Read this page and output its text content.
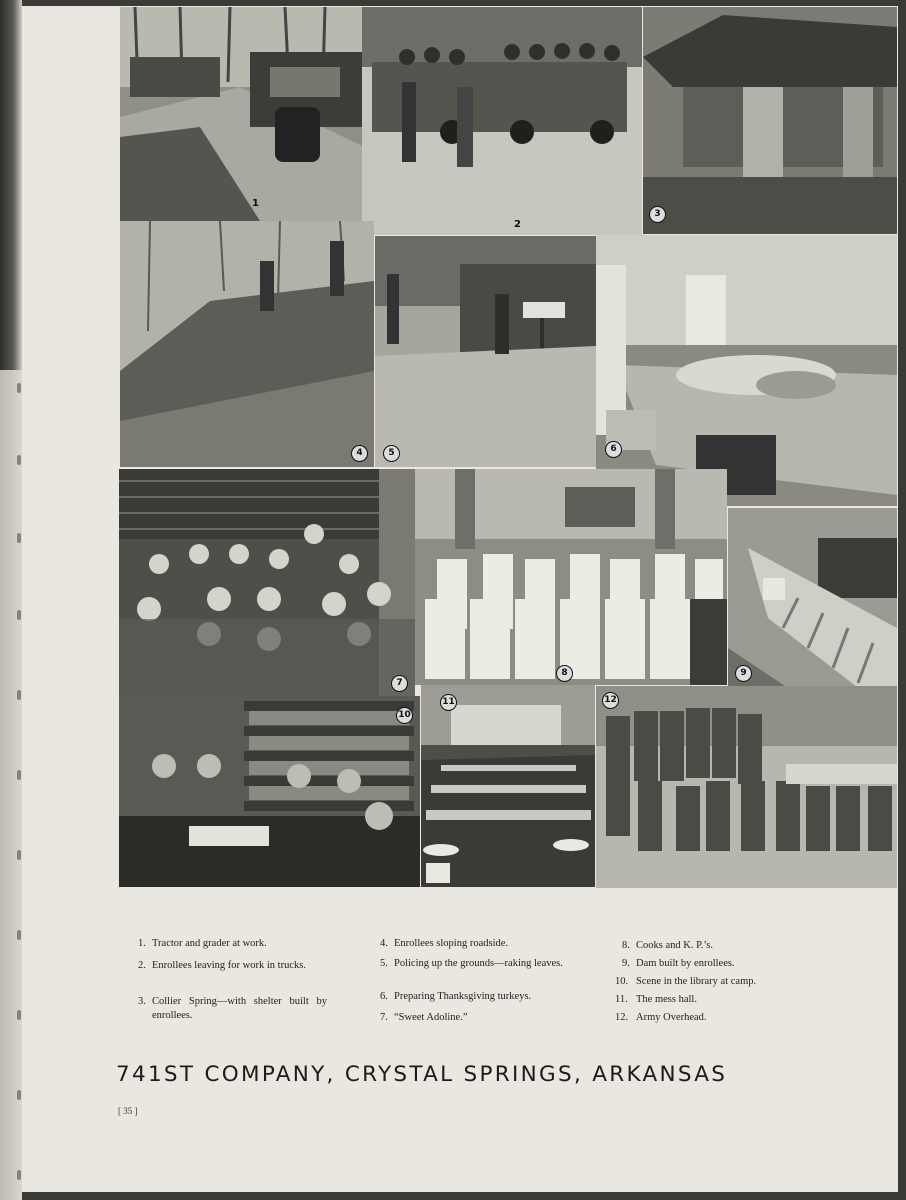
1
2
3
4	5	6
7
8	9
10
11	12
1. Tractor and grader at work.
2. Enrollees leaving for work in trucks.
3. Collier Spring—with shelter built by enrollees.
4. Enrollees sloping roadside.
5. Policing up the grounds—raking leaves.
6. Preparing Thanksgiving turkeys.
7. “Sweet Adoline.”
8. Cooks and K. P.’s.
9. Dam built by enrollees.
10. Scene in the library at camp.
11. The mess hall.
12. Army Overhead.
741ST COMPANY, CRYSTAL SPRINGS, ARKANSAS
[ 35 ]
